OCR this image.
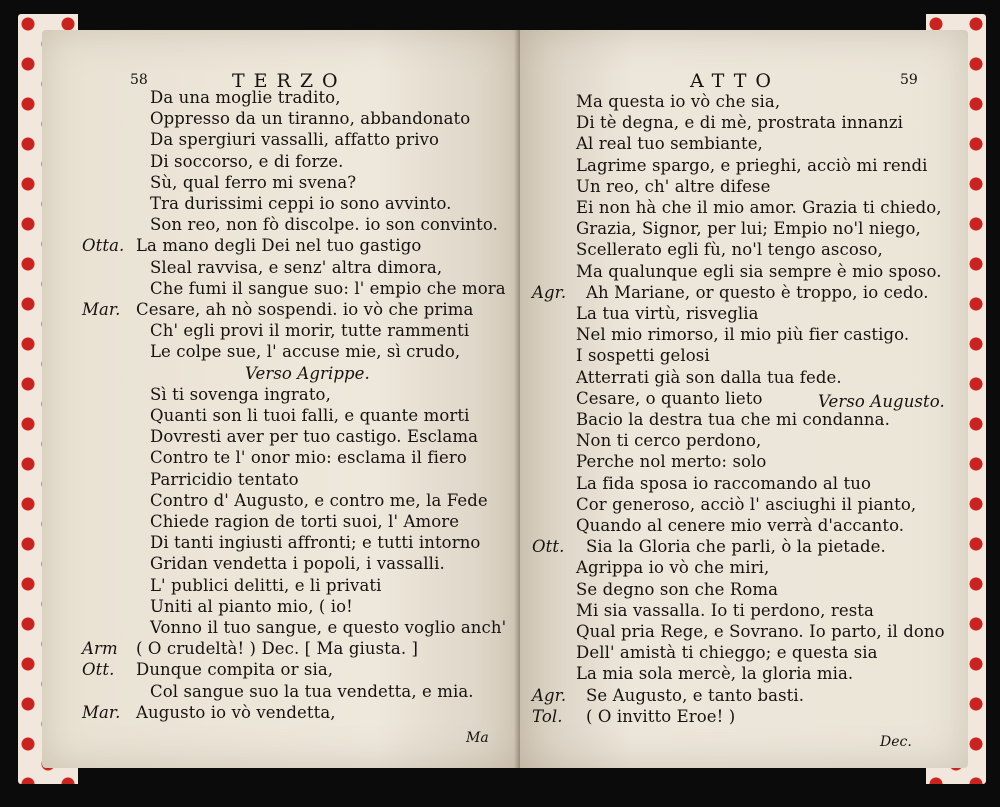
58	TERZO
Da una moglie tradito,
Oppresso da un tiranno, abbandonato
Da spergiuri vassalli, affatto privo
Di soccorso, e di forze.
Sù, qual ferro mi svena?
Tra durissimi ceppi io sono avvinto.
Son reo, non fò discolpe. io son convinto.
Otta. La mano degli Dei nel tuo gastigo
Sleal ravvisa, e senz' altra dimora,
Che fumi il sangue suo: l' empio che mora
Mar. Cesare, ah nò sospendi. io vò che prima
Ch' egli provi il morir, tutte rammenti
Le colpe sue, l' accuse mie, sì crudo,
Verso Agrippe.
Sì ti sovenga ingrato,
Quanti son li tuoi falli, e quante morti
Dovresti aver per tuo castigo. Esclama
Contro te l' onor mio: esclama il fiero
Parricidio tentato
Contro d' Augusto, e contro me, la Fede
Chiede ragion de torti suoi, l' Amore
Di tanti ingiusti affronti; e tutti intorno
Gridan vendetta i popoli, i vassalli.
L' publici delitti, e li privati
Uniti al pianto mio, ( io!
Vonno il tuo sangue, e questo voglio anch'
Arm ( O crudeltà! ) Dec. [ Ma giusta. ]
Ott. Dunque compita or sia,
Col sangue suo la tua vendetta, e mia.
Mar. Augusto io vò vendetta,
Ma
ATTO	59
Ma questa io vò che sia,
Di tè degna, e di mè, prostrata innanzi
Al real tuo sembiante,
Lagrime spargo, e prieghi, acciò mi rendi
Un reo, ch' altre difese
Ei non hà che il mio amor. Grazia ti chiedo,
Grazia, Signor, per lui; Empio no'l niego,
Scellerato egli fù, no'l tengo ascoso,
Ma qualunque egli sia sempre è mio sposo.
Agr. Ah Mariane, or questo è troppo, io cedo.
La tua virtù, risveglia
Nel mio rimorso, il mio più fier castigo.
I sospetti gelosi
Atterrati già son dalla tua fede.
Cesare, o quanto lieto
Bacio la destra tua che mi condanna.
Non ti cerco perdono,
Perche nol merto: solo
La fida sposa io raccomando al tuo
Cor generoso, acciò l' asciughi il pianto,
Quando al cenere mio verrà d'accanto.
Ott. Sia la Gloria che parli, ò la pietade.
Agrippa io vò che miri,
Se degno son che Roma
Mi sia vassalla. Io ti perdono, resta
Qual pria Rege, e Sovrano. Io parto, il dono
Dell' amistà ti chieggo; e questa sia
La mia sola mercè, la gloria mia.
Agr. Se Augusto, e tanto basti.
Tol. ( O invitto Eroe! )
Verso Augusto.
Dec.
